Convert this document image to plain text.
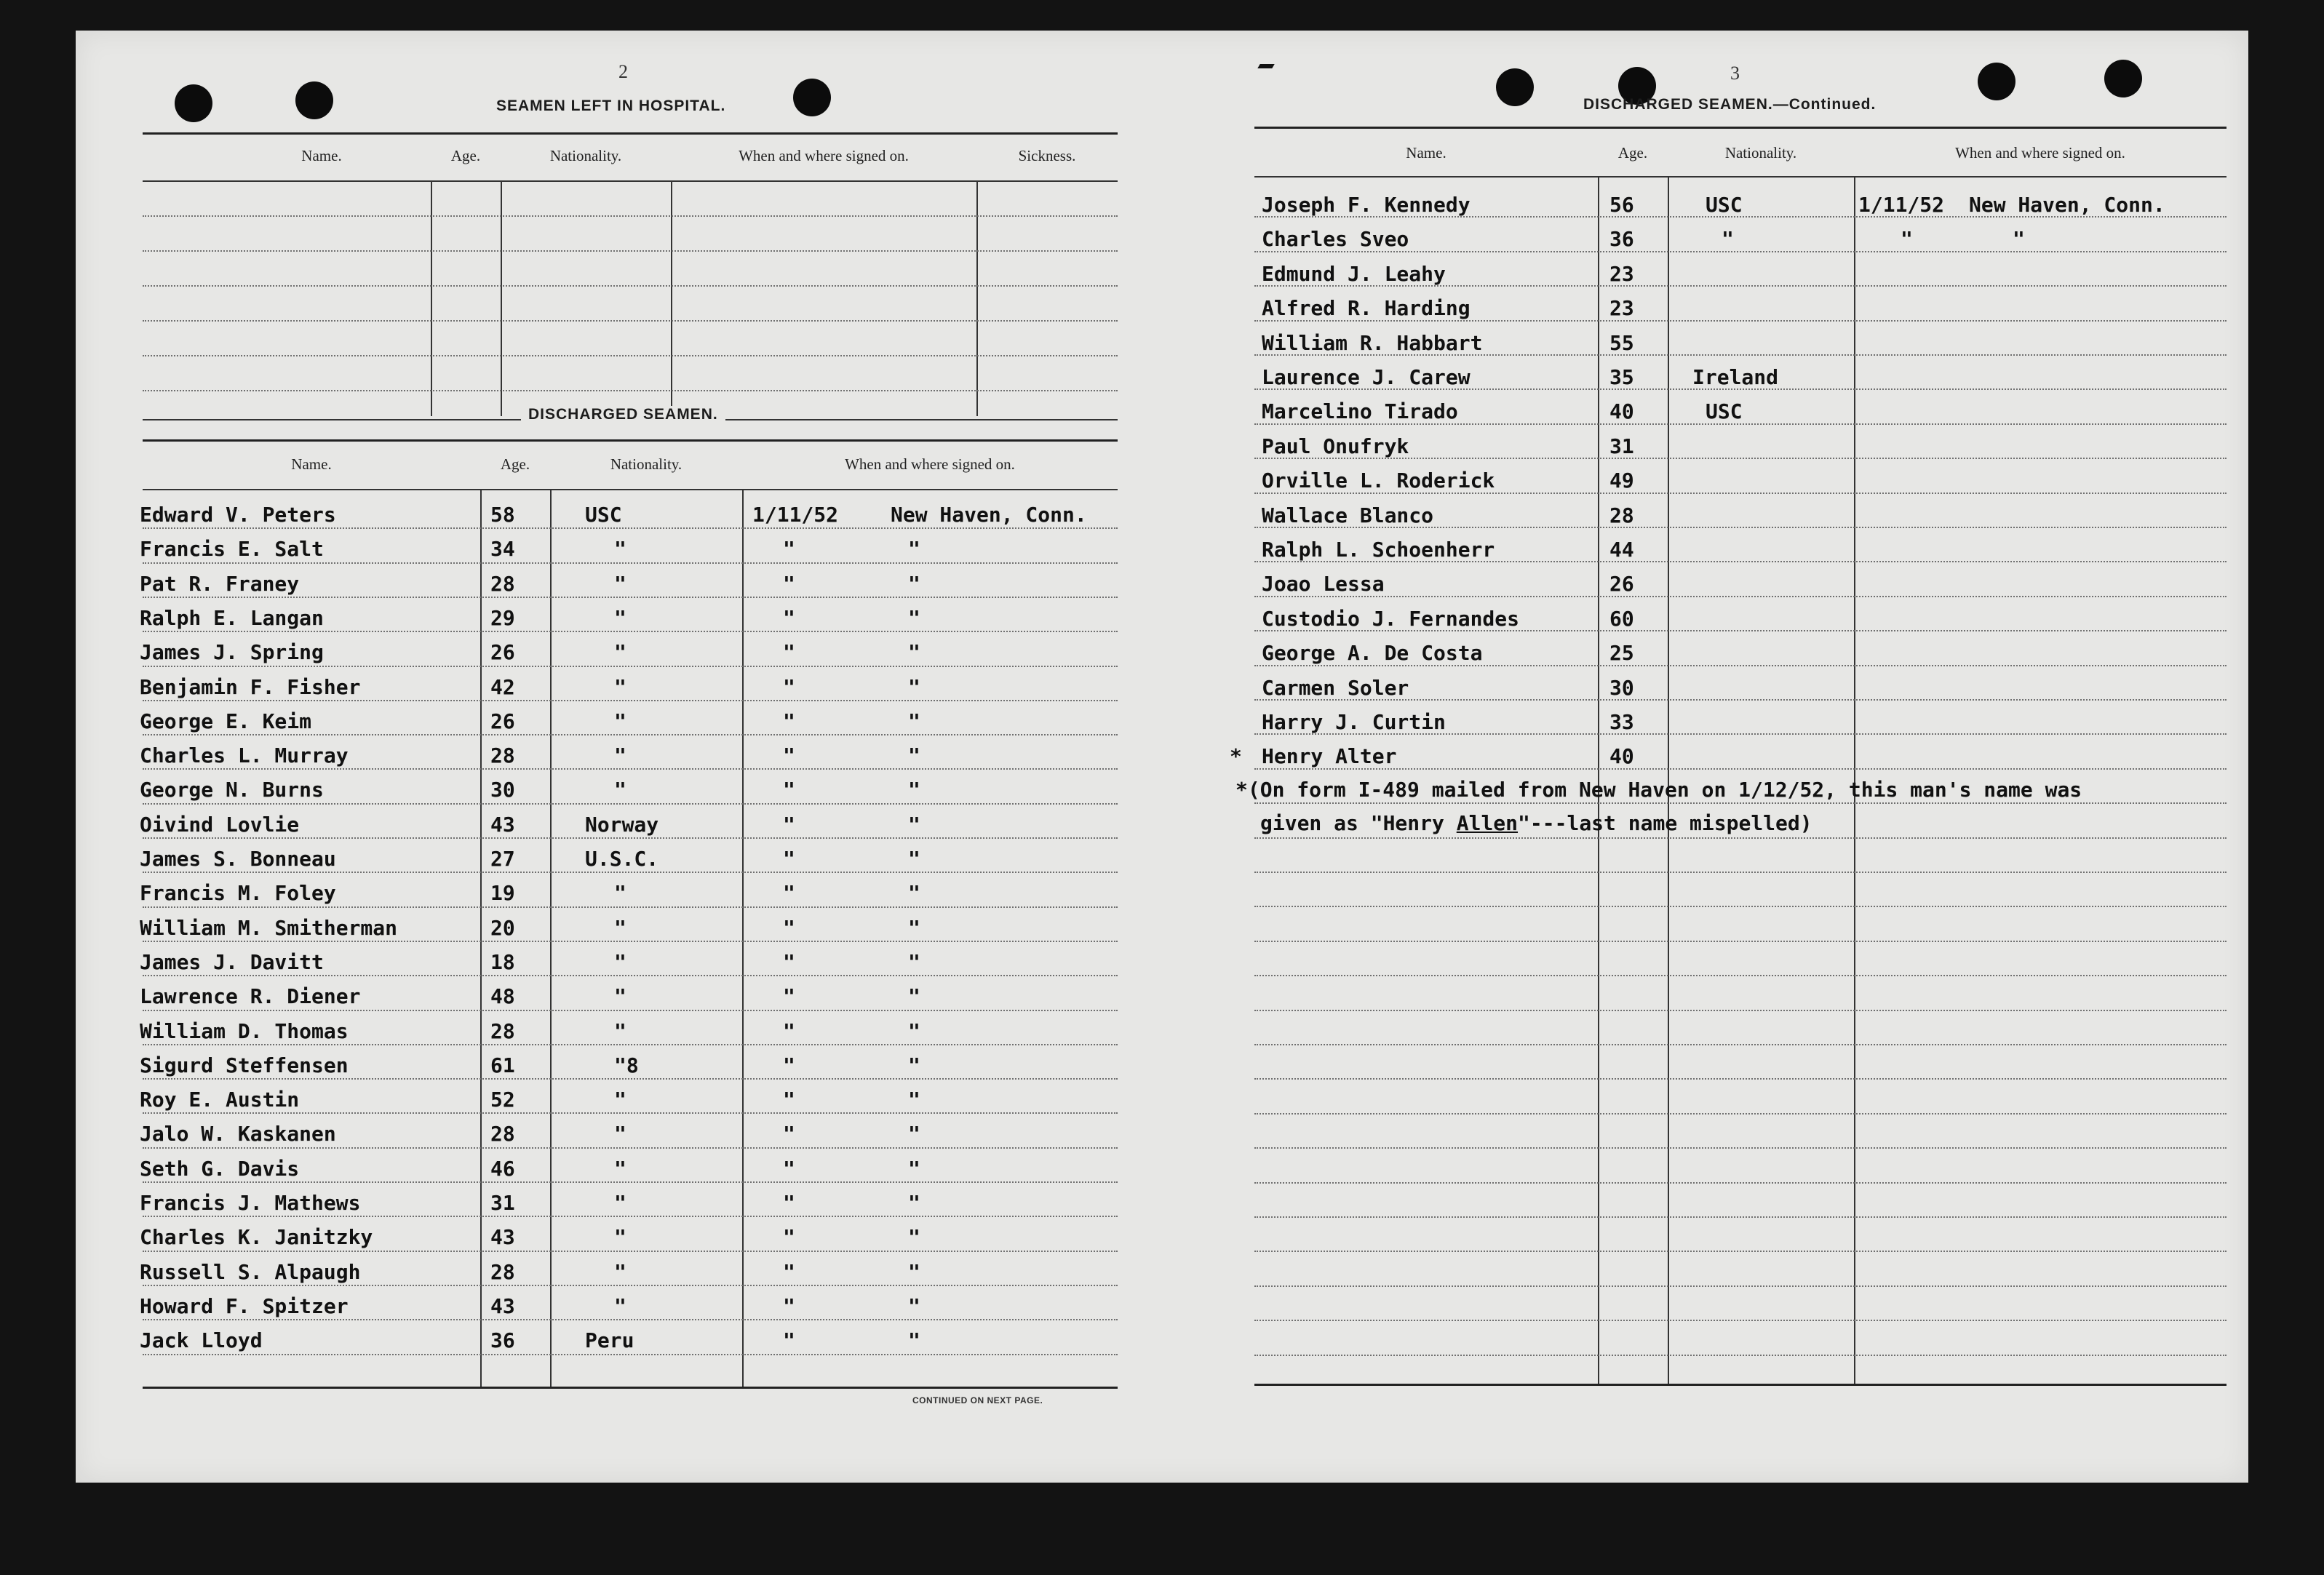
2
SEAMEN LEFT IN HOSPITAL.
Name.	Age.	Nationality.	When and where signed on.	Sickness.
DISCHARGED SEAMEN.
Name.	Age.	Nationality.	When and where signed on.
Edward V. Peters	58	USC	1/11/52	New Haven, Conn.
Francis E. Salt	34	"	"	"
Pat R. Franey	28	"	"	"
Ralph E. Langan	29	"	"	"
James J. Spring	26	"	"	"
Benjamin F. Fisher	42	"	"	"
George E. Keim	26	"	"	"
Charles L. Murray	28	"	"	"
George N. Burns	30	"	"	"
Oivind Lovlie	43	Norway	"	"
James S. Bonneau	27	U.S.C.	"	"
Francis M. Foley	19	"	"	"
William M. Smitherman	20	"	"	"
James J. Davitt	18	"	"	"
Lawrence R. Diener	48	"	"	"
William D. Thomas	28	"	"	"
Sigurd Steffensen	61	"8	"	"
Roy E. Austin	52	"	"	"
Jalo W. Kaskanen	28	"	"	"
Seth G. Davis	46	"	"	"
Francis J. Mathews	31	"	"	"
Charles K. Janitzky	43	"	"	"
Russell S. Alpaugh	28	"	"	"
Howard F. Spitzer	43	"	"	"
Jack Lloyd	36	Peru	"	"
CONTINUED ON NEXT PAGE.
3
DISCHARGED SEAMEN.—Continued.
Name.	Age.	Nationality.	When and where signed on.
Joseph F. Kennedy	56	USC	1/11/52 New Haven, Conn.
Charles Sveo	36	"	"	"
Edmund J. Leahy	23
Alfred R. Harding	23
William R. Habbart	55
Laurence J. Carew	35	Ireland
Marcelino Tirado	40	USC
Paul Onufryk	31
Orville L. Roderick	49
Wallace Blanco	28
Ralph L. Schoenherr	44
Joao Lessa	26
Custodio J. Fernandes	60
George A. De Costa	25
Carmen Soler	30
Harry J. Curtin	33
* Henry Alter	40
*(On form I-489 mailed from New Haven on 1/12/52, this man's name was
given as "Henry Allen"---last name mispelled)
